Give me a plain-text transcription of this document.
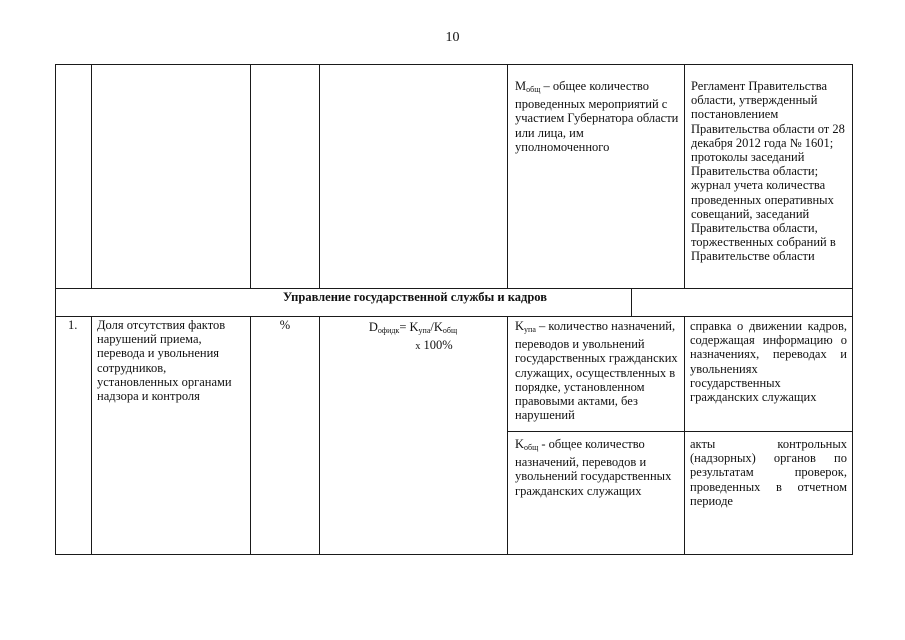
10
$M_{общ}$ – общее количество проведенных мероприятий с участием Губернатора области или лица, им уполномоченного
Регламент Правительства области, утвержденный постановлением Правительства области от 28 декабря 2012 года № 1601; протоколы заседаний Правительства области; журнал учета количества проведенных оперативных совещаний, заседаний Правительства области, торжественных собраний в Правительстве области
Управление государственной службы и кадров
1.	Доля отсутствия фактов нарушений приема, перевода и увольнения сотрудников, установленных органами надзора и контроля
%	$D_{офидк}= K_{упа}/K_{общ}$
х 100%
$K_{упа}$ – количество назначений, переводов и увольнений государственных гражданских служащих, осуществленных в порядке, установленном правовыми актами, без нарушений
справка о движении кадров, содержащая информацию о назначениях, переводах и увольнениях государственных гражданских служащих
$K_{общ}$ - общее количество назначений, переводов и увольнений государственных гражданских служащих
акты контрольных (надзорных) органов по результатам проверок, проведенных в отчетном периоде
